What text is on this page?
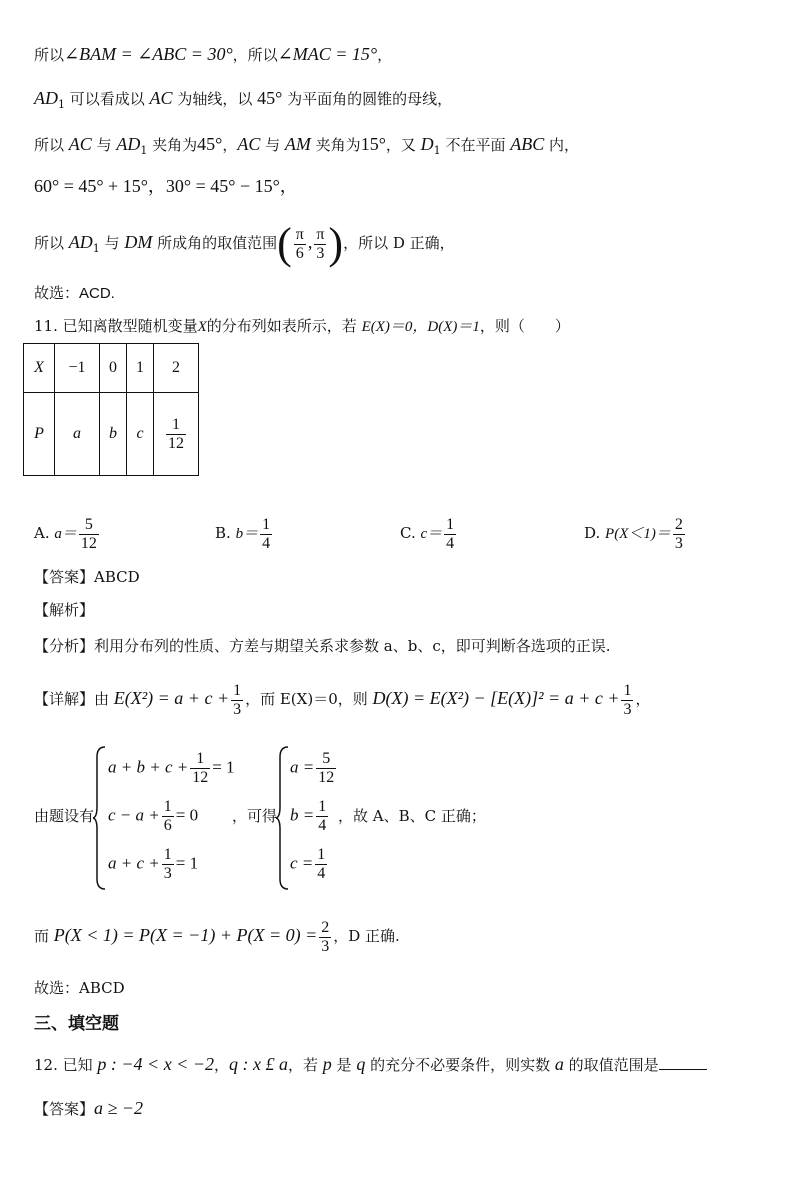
所以∠BAM = ∠ABC = 30°，所以∠MAC = 15°，
$AD_1$ 可以看成以 AC 为轴线，以 45° 为平面角的圆锥的母线，
所以 AC 与 $AD_1$ 夹角为45°，AC 与 AM 夹角为15°，又 $D_1$ 不在平面 ABC 内，
60° = 45° + 15°，30° = 45° − 15°，
所以 $AD_1$ 与 DM 所成角的取值范围( $\frac{\pi}{6}$ , $\frac{\pi}{3}$ )，所以 D 正确，
故选：ACD.
11. 已知离散型随机变量X的分布列如表所示，若 E(X)＝0，D(X)＝1，则（　　）
X	−1	0	1	2
P	a	b	c	$\frac{1}{12}$
A. $a= \frac{5}{12}$	B. $b= \frac{1}{4}$	C. $c= \frac{1}{4}$	D. $P(X<1)= \frac{2}{3}$
【答案】ABCD
【解析】
【分析】利用分布列的性质、方差与期望关系求参数 a、b、c，即可判断各选项的正误.
【详解】由 $E(X^2) = a + c + \frac{1}{3}$ ，而 E(X)＝0，则 $D(X) = E(X^2) - [E(X)]^2 = a + c + \frac{1}{3}$ ，
由题设有
$a + b + c + \frac{1}{12} = 1$
$c - a + \frac{1}{6} = 0$
$a + c + \frac{1}{3} = 1$
，可得
$a = \frac{5}{12}$
$b = \frac{1}{4}$
$c = \frac{1}{4}$
，故 A、B、C 正确；
而 $P(X < 1) = P(X = -1) + P(X = 0) = \frac{2}{3}$ ，D 正确.
故选：ABCD
三、填空题
12. 已知 p : −4 < x < −2，q : x £ a，若 p 是 q 的充分不必要条件，则实数 a 的取值范围是
【答案】a ≥ −2
